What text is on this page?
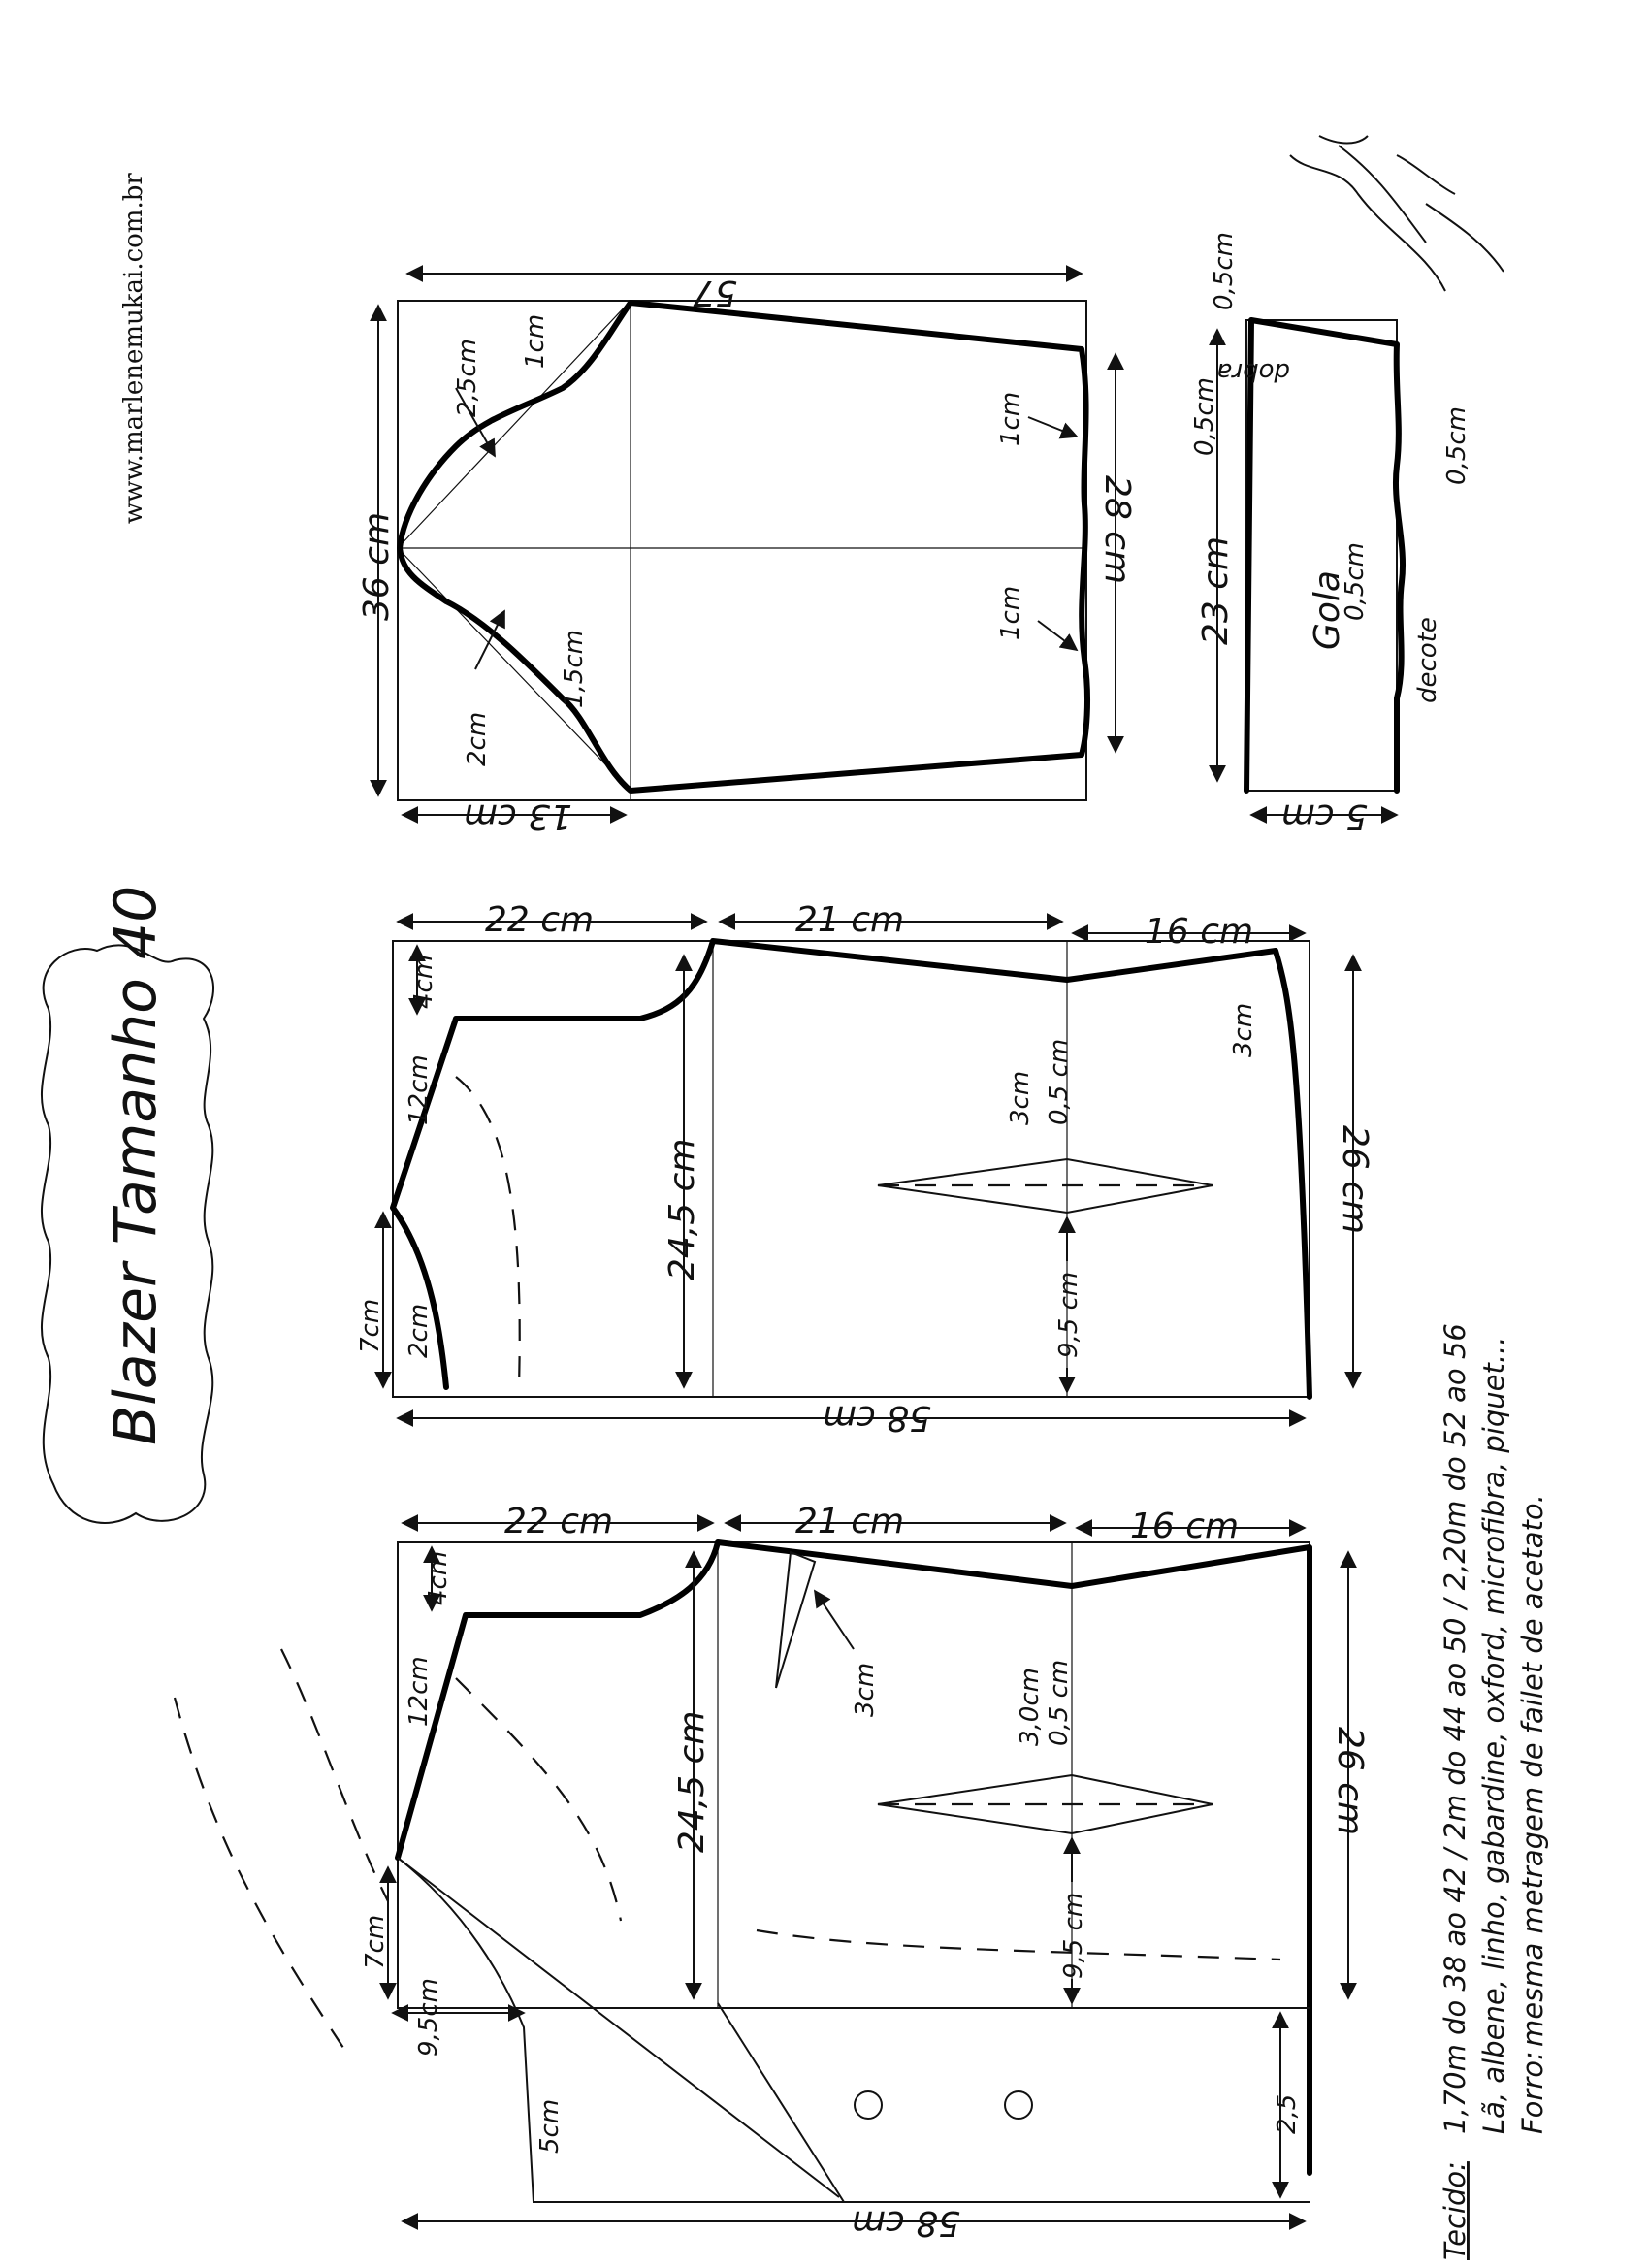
www.marlenemukai.com.br	57
36 cm
13 cm
28 cm
2,5cm 1cm
1,5cm
2cm
1cm
1cm	23 cm
5 cm
Gola
dobra
decote
0,5cm
0,5cm	0,5cm
0,5cm
Blazer Tamanho 40	22 cm	21 cm	16 cm
58 cm
26 cm
24,5 cm
4cm
12cm
7cm 2cm
3cm 0,5 cm
9,5 cm
3cm
22 cm	21 cm	16 cm
58 cm
26 cm
24,5 cm
4cm
12cm
7cm
9,5cm
5cm
3,0cm 0,5 cm
9,5 cm
3cm
2,5
Tecido:
1,70m do 38 ao 42 / 2m do 44 ao 50 / 2,20m do 52 ao 56 Lã, albene, linho, gabardine, oxford, microfibra, piquet... Forro:
mesma metragem de failet de acetato.
